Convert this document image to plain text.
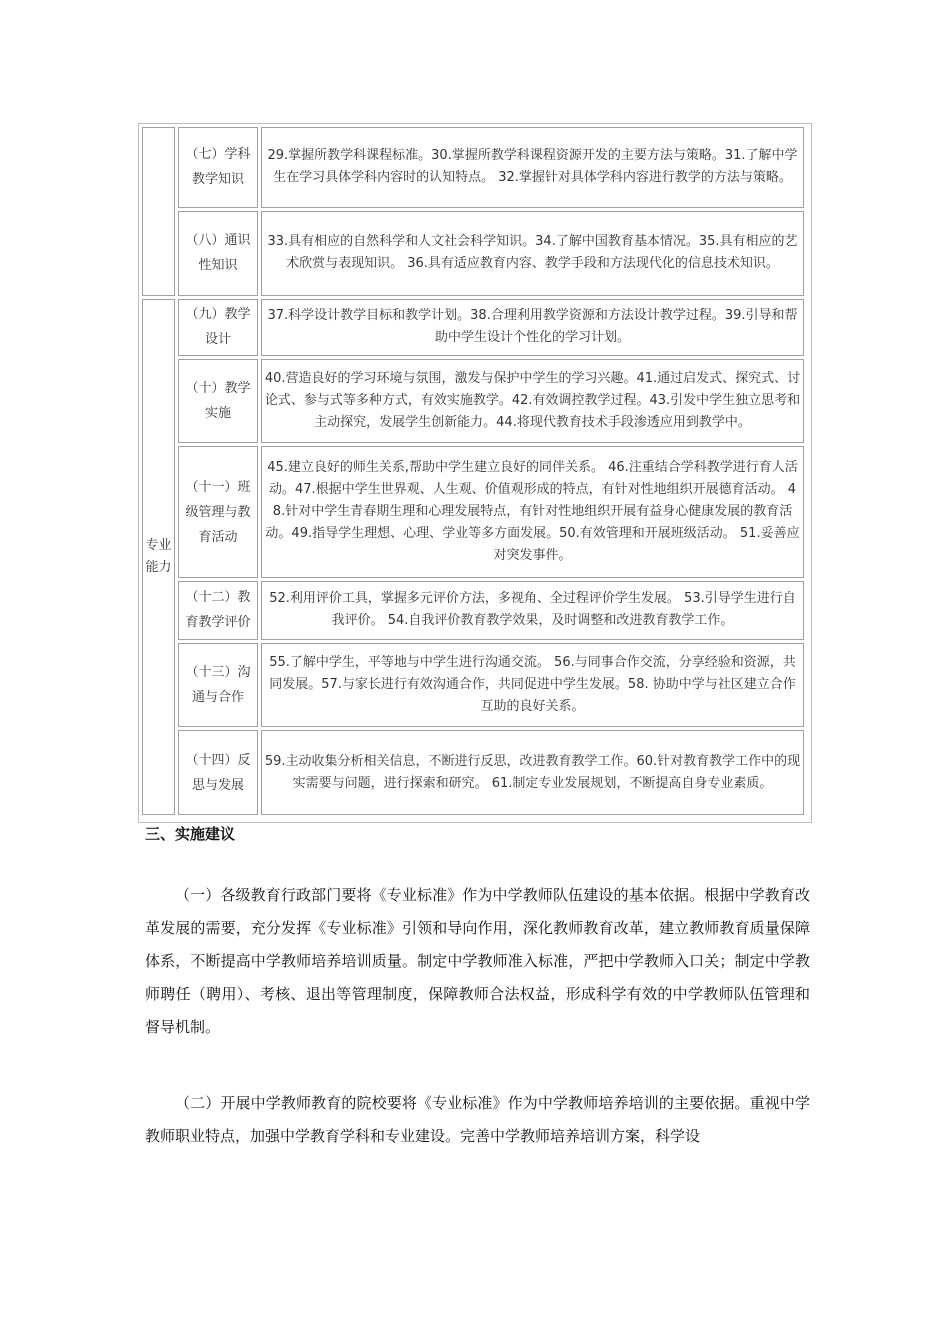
	（七）学科教学知识	29.掌握所教学科课程标准。30.掌握所教学科课程资源开发的主要方法与策略。31.了解中学生在学习具体学科内容时的认知特点。 32.掌握针对具体学科内容进行教学的方法与策略。
	（八）通识性知识	33.具有相应的自然科学和人文社会科学知识。34.了解中国教育基本情况。35.具有相应的艺术欣赏与表现知识。 36.具有适应教育内容、教学手段和方法现代化的信息技术知识。
专业能力	（九）教学设计	37.科学设计教学目标和教学计划。38.合理利用教学资源和方法设计教学过程。39.引导和帮助中学生设计个性化的学习计划。
	（十）教学实施	40.营造良好的学习环境与氛围，激发与保护中学生的学习兴趣。41.通过启发式、探究式、讨论式、参与式等多种方式，有效实施教学。42.有效调控教学过程。43.引发中学生独立思考和主动探究，发展学生创新能力。44.将现代教育技术手段渗透应用到教学中。
	（十一）班级管理与教育活动	45.建立良好的师生关系,帮助中学生建立良好的同伴关系。 46.注重结合学科教学进行育人活动。47.根据中学生世界观、人生观、价值观形成的特点，有针对性地组织开展德育活动。 48.针对中学生青春期生理和心理发展特点，有针对性地组织开展有益身心健康发展的教育活动。49.指导学生理想、心理、学业等多方面发展。50.有效管理和开展班级活动。 51.妥善应对突发事件。
	（十二）教育教学评价	52.利用评价工具，掌握多元评价方法，多视角、全过程评价学生发展。 53.引导学生进行自我评价。 54.自我评价教育教学效果，及时调整和改进教育教学工作。
	（十三）沟通与合作	55.了解中学生，平等地与中学生进行沟通交流。 56.与同事合作交流，分享经验和资源，共同发展。57.与家长进行有效沟通合作，共同促进中学生发展。58. 协助中学与社区建立合作互助的良好关系。
	（十四）反思与发展	59.主动收集分析相关信息，不断进行反思，改进教育教学工作。60.针对教育教学工作中的现实需要与问题，进行探索和研究。 61.制定专业发展规划，不断提高自身专业素质。
三、实施建议

（一）各级教育行政部门要将《专业标准》作为中学教师队伍建设的基本依据。根据中学教育改革发展的需要，充分发挥《专业标准》引领和导向作用，深化教师教育改革，建立教师教育质量保障体系，不断提高中学教师培养培训质量。制定中学教师准入标准，严把中学教师入口关；制定中学教师聘任（聘用）、考核、退出等管理制度，保障教师合法权益，形成科学有效的中学教师队伍管理和督导机制。

（二）开展中学教师教育的院校要将《专业标准》作为中学教师培养培训的主要依据。重视中学教师职业特点，加强中学教育学科和专业建设。完善中学教师培养培训方案，科学设
